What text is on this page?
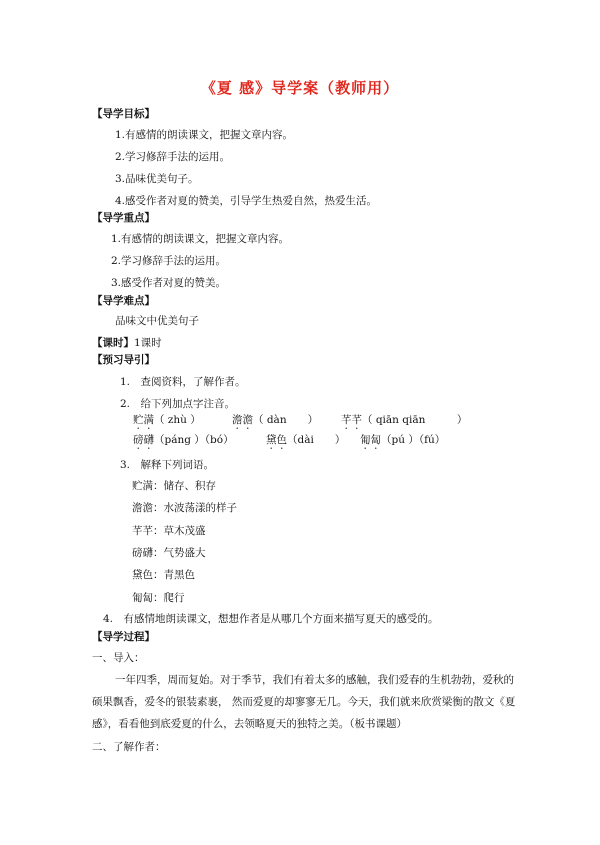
《夏 感》导学案（教师用）
【导学目标】
1.有感情的朗读课文，把握文章内容。
2.学习修辞手法的运用。
3.品味优美句子。
4.感受作者对夏的赞美，引导学生热爱自然，热爱生活。
【导学重点】
1.有感情的朗读课文，把握文章内容。
2.学习修辞手法的运用。
3.感受作者对夏的赞美。
【导学难点】
品味文中优美句子
【课时】1课时
【预习导引】
1.　查阅资料，了解作者。
2.　给下列加点字注音。
贮满（ zhù ）	澹澹（ dàn　　） 芊芊（ qiān qiān　　　）
磅礴（páng ）（bó）	黛色（dài　　） 匍匐（pú ）（fú）
3.　解释下列词语。
贮满：储存、积存
澹澹：水波荡漾的样子
芊芊：草木茂盛
磅礴：气势盛大
黛色：青黑色
匍匐：爬行
4.　有感情地朗读课文，想想作者是从哪几个方面来描写夏天的感受的。
【导学过程】
一、导入：
一年四季，周而复始。对于季节，我们有着太多的感触，我们爱春的生机勃勃，爱秋的
硕果飘香，爱冬的银装素裹， 然而爱夏的却寥寥无几。今天，我们就来欣赏梁衡的散文《夏
感》，看看他到底爱夏的什么，去领略夏天的独特之美。（板书课题）
二、了解作者：
